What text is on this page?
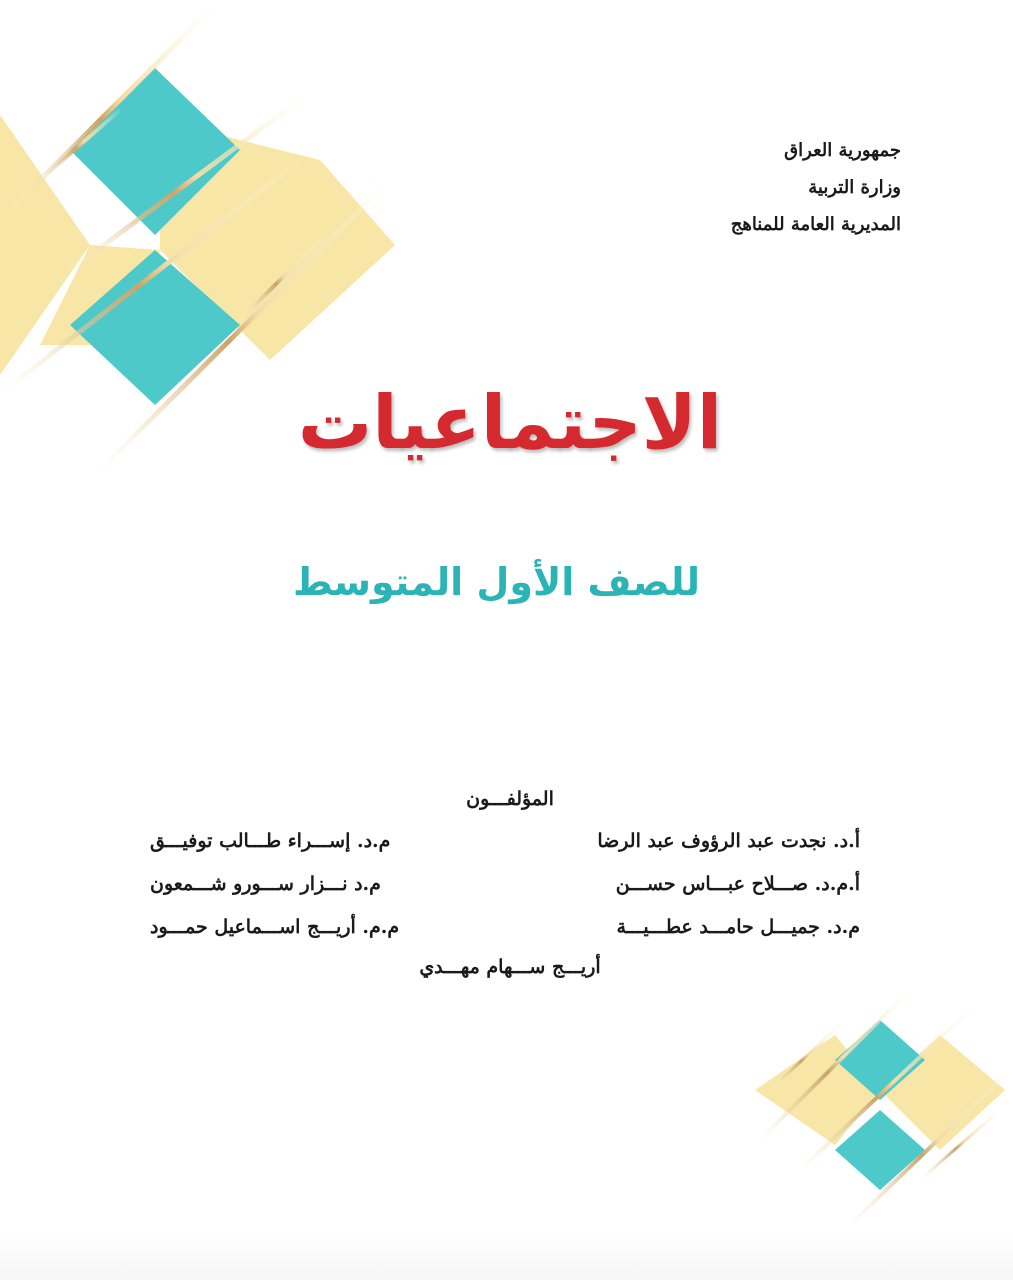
جمهورية العراق
وزارة التربية
المديرية العامة للمناهج
الاجتماعيات
للصف الأول المتوسط
المؤلفـــون
أ.د. نجدت عبد الرؤوف عبد الرضا
م.د. إســـراء طـــالب توفيـــق
أ.م.د. صـــلاح عبـــاس حســـن
م.د نـــزار ســـورو شـــمعون
م.د. جميـــل حامـــد عطـــيـــة
م.م. أريـــج اســـماعيل حمـــود
أريـــج ســـهام مهـــدي
